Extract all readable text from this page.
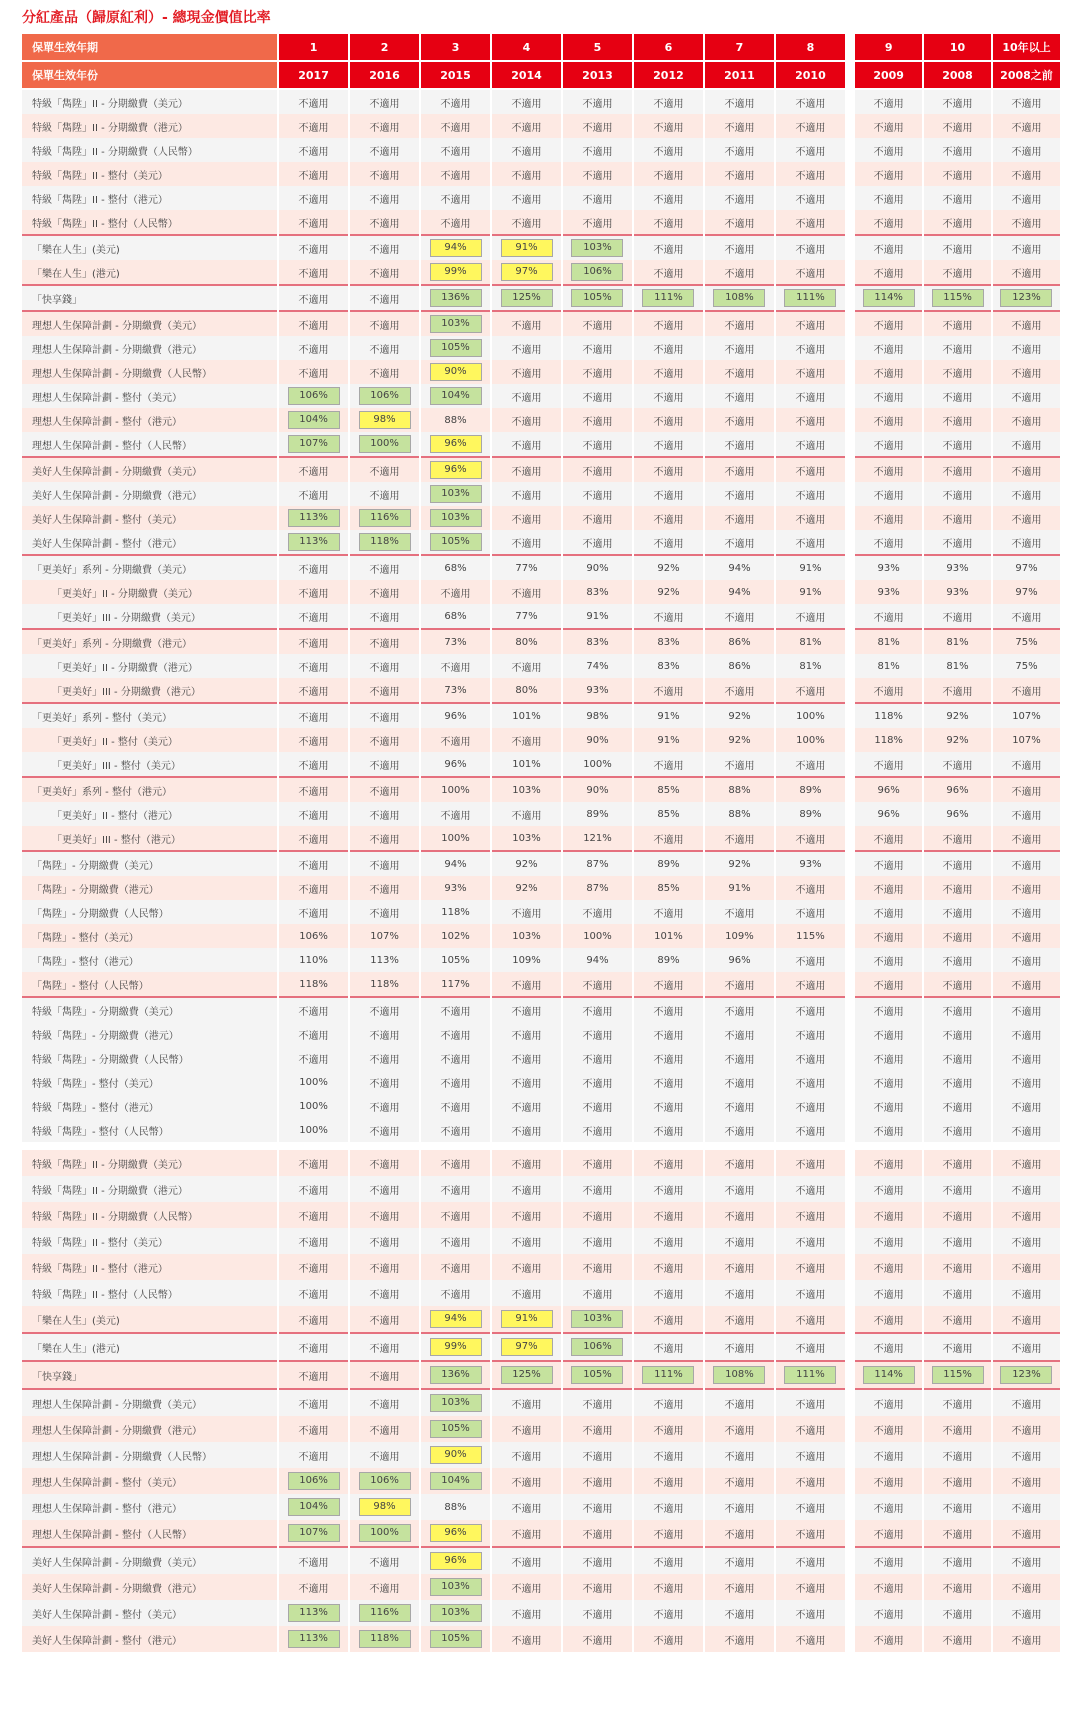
分紅產品（歸原紅利）- 總現金價值比率
保單生效年期	1	2	3	4	5	6	7	8		9	10	10年以上
保單生效年份	2017	2016	2015	2014	2013	2012	2011	2010		2009	2008	2008之前
特級「雋陞」II - 分期繳費（美元）	不適用	不適用	不適用	不適用	不適用	不適用	不適用	不適用		不適用	不適用	不適用
特級「雋陞」II - 分期繳費（港元）	不適用	不適用	不適用	不適用	不適用	不適用	不適用	不適用		不適用	不適用	不適用
特級「雋陞」II - 分期繳費（人民幣）	不適用	不適用	不適用	不適用	不適用	不適用	不適用	不適用		不適用	不適用	不適用
特級「雋陞」II - 整付（美元）	不適用	不適用	不適用	不適用	不適用	不適用	不適用	不適用		不適用	不適用	不適用
特級「雋陞」II - 整付（港元）	不適用	不適用	不適用	不適用	不適用	不適用	不適用	不適用		不適用	不適用	不適用
特級「雋陞」II - 整付（人民幣）	不適用	不適用	不適用	不適用	不適用	不適用	不適用	不適用		不適用	不適用	不適用
「樂在人生」(美元)	不適用	不適用	94%	91%	103%	不適用	不適用	不適用		不適用	不適用	不適用
「樂在人生」(港元)	不適用	不適用	99%	97%	106%	不適用	不適用	不適用		不適用	不適用	不適用
「快享錢」	不適用	不適用	136%	125%	105%	111%	108%	111%		114%	115%	123%
理想人生保障計劃 - 分期繳費（美元）	不適用	不適用	103%	不適用	不適用	不適用	不適用	不適用		不適用	不適用	不適用
理想人生保障計劃 - 分期繳費（港元）	不適用	不適用	105%	不適用	不適用	不適用	不適用	不適用		不適用	不適用	不適用
理想人生保障計劃 - 分期繳費（人民幣）	不適用	不適用	90%	不適用	不適用	不適用	不適用	不適用		不適用	不適用	不適用
理想人生保障計劃 - 整付（美元）	106%	106%	104%	不適用	不適用	不適用	不適用	不適用		不適用	不適用	不適用
理想人生保障計劃 - 整付（港元）	104%	98%	88%	不適用	不適用	不適用	不適用	不適用		不適用	不適用	不適用
理想人生保障計劃 - 整付（人民幣）	107%	100%	96%	不適用	不適用	不適用	不適用	不適用		不適用	不適用	不適用
美好人生保障計劃 - 分期繳費（美元）	不適用	不適用	96%	不適用	不適用	不適用	不適用	不適用		不適用	不適用	不適用
美好人生保障計劃 - 分期繳費（港元）	不適用	不適用	103%	不適用	不適用	不適用	不適用	不適用		不適用	不適用	不適用
美好人生保障計劃 - 整付（美元）	113%	116%	103%	不適用	不適用	不適用	不適用	不適用		不適用	不適用	不適用
美好人生保障計劃 - 整付（港元）	113%	118%	105%	不適用	不適用	不適用	不適用	不適用		不適用	不適用	不適用
「更美好」系列 - 分期繳費（美元）	不適用	不適用	68%	77%	90%	92%	94%	91%		93%	93%	97%
「更美好」II - 分期繳費（美元）	不適用	不適用	不適用	不適用	83%	92%	94%	91%		93%	93%	97%
「更美好」III - 分期繳費（美元）	不適用	不適用	68%	77%	91%	不適用	不適用	不適用		不適用	不適用	不適用
「更美好」系列 - 分期繳費（港元）	不適用	不適用	73%	80%	83%	83%	86%	81%		81%	81%	75%
「更美好」II - 分期繳費（港元）	不適用	不適用	不適用	不適用	74%	83%	86%	81%		81%	81%	75%
「更美好」III - 分期繳費（港元）	不適用	不適用	73%	80%	93%	不適用	不適用	不適用		不適用	不適用	不適用
「更美好」系列 - 整付（美元）	不適用	不適用	96%	101%	98%	91%	92%	100%		118%	92%	107%
「更美好」II - 整付（美元）	不適用	不適用	不適用	不適用	90%	91%	92%	100%		118%	92%	107%
「更美好」III - 整付（美元）	不適用	不適用	96%	101%	100%	不適用	不適用	不適用		不適用	不適用	不適用
「更美好」系列 - 整付（港元）	不適用	不適用	100%	103%	90%	85%	88%	89%		96%	96%	不適用
「更美好」II - 整付（港元）	不適用	不適用	不適用	不適用	89%	85%	88%	89%		96%	96%	不適用
「更美好」III - 整付（港元）	不適用	不適用	100%	103%	121%	不適用	不適用	不適用		不適用	不適用	不適用
「雋陞」- 分期繳費（美元）	不適用	不適用	94%	92%	87%	89%	92%	93%		不適用	不適用	不適用
「雋陞」- 分期繳費（港元）	不適用	不適用	93%	92%	87%	85%	91%	不適用		不適用	不適用	不適用
「雋陞」- 分期繳費（人民幣）	不適用	不適用	118%	不適用	不適用	不適用	不適用	不適用		不適用	不適用	不適用
「雋陞」- 整付（美元）	106%	107%	102%	103%	100%	101%	109%	115%		不適用	不適用	不適用
「雋陞」- 整付（港元）	110%	113%	105%	109%	94%	89%	96%	不適用		不適用	不適用	不適用
「雋陞」- 整付（人民幣）	118%	118%	117%	不適用	不適用	不適用	不適用	不適用		不適用	不適用	不適用
特級「雋陞」- 分期繳費（美元）	不適用	不適用	不適用	不適用	不適用	不適用	不適用	不適用		不適用	不適用	不適用
特級「雋陞」- 分期繳費（港元）	不適用	不適用	不適用	不適用	不適用	不適用	不適用	不適用		不適用	不適用	不適用
特級「雋陞」- 分期繳費（人民幣）	不適用	不適用	不適用	不適用	不適用	不適用	不適用	不適用		不適用	不適用	不適用
特級「雋陞」- 整付（美元）	100%	不適用	不適用	不適用	不適用	不適用	不適用	不適用		不適用	不適用	不適用
特級「雋陞」- 整付（港元）	100%	不適用	不適用	不適用	不適用	不適用	不適用	不適用		不適用	不適用	不適用
特級「雋陞」- 整付（人民幣）	100%	不適用	不適用	不適用	不適用	不適用	不適用	不適用		不適用	不適用	不適用

特級「雋陞」II - 分期繳費（美元）	不適用	不適用	不適用	不適用	不適用	不適用	不適用	不適用		不適用	不適用	不適用
特級「雋陞」II - 分期繳費（港元）	不適用	不適用	不適用	不適用	不適用	不適用	不適用	不適用		不適用	不適用	不適用
特級「雋陞」II - 分期繳費（人民幣）	不適用	不適用	不適用	不適用	不適用	不適用	不適用	不適用		不適用	不適用	不適用
特級「雋陞」II - 整付（美元）	不適用	不適用	不適用	不適用	不適用	不適用	不適用	不適用		不適用	不適用	不適用
特級「雋陞」II - 整付（港元）	不適用	不適用	不適用	不適用	不適用	不適用	不適用	不適用		不適用	不適用	不適用
特級「雋陞」II - 整付（人民幣）	不適用	不適用	不適用	不適用	不適用	不適用	不適用	不適用		不適用	不適用	不適用
「樂在人生」(美元)	不適用	不適用	94%	91%	103%	不適用	不適用	不適用		不適用	不適用	不適用
「樂在人生」(港元)	不適用	不適用	99%	97%	106%	不適用	不適用	不適用		不適用	不適用	不適用
「快享錢」	不適用	不適用	136%	125%	105%	111%	108%	111%		114%	115%	123%
理想人生保障計劃 - 分期繳費（美元）	不適用	不適用	103%	不適用	不適用	不適用	不適用	不適用		不適用	不適用	不適用
理想人生保障計劃 - 分期繳費（港元）	不適用	不適用	105%	不適用	不適用	不適用	不適用	不適用		不適用	不適用	不適用
理想人生保障計劃 - 分期繳費（人民幣）	不適用	不適用	90%	不適用	不適用	不適用	不適用	不適用		不適用	不適用	不適用
理想人生保障計劃 - 整付（美元）	106%	106%	104%	不適用	不適用	不適用	不適用	不適用		不適用	不適用	不適用
理想人生保障計劃 - 整付（港元）	104%	98%	88%	不適用	不適用	不適用	不適用	不適用		不適用	不適用	不適用
理想人生保障計劃 - 整付（人民幣）	107%	100%	96%	不適用	不適用	不適用	不適用	不適用		不適用	不適用	不適用
美好人生保障計劃 - 分期繳費（美元）	不適用	不適用	96%	不適用	不適用	不適用	不適用	不適用		不適用	不適用	不適用
美好人生保障計劃 - 分期繳費（港元）	不適用	不適用	103%	不適用	不適用	不適用	不適用	不適用		不適用	不適用	不適用
美好人生保障計劃 - 整付（美元）	113%	116%	103%	不適用	不適用	不適用	不適用	不適用		不適用	不適用	不適用
美好人生保障計劃 - 整付（港元）	113%	118%	105%	不適用	不適用	不適用	不適用	不適用		不適用	不適用	不適用
